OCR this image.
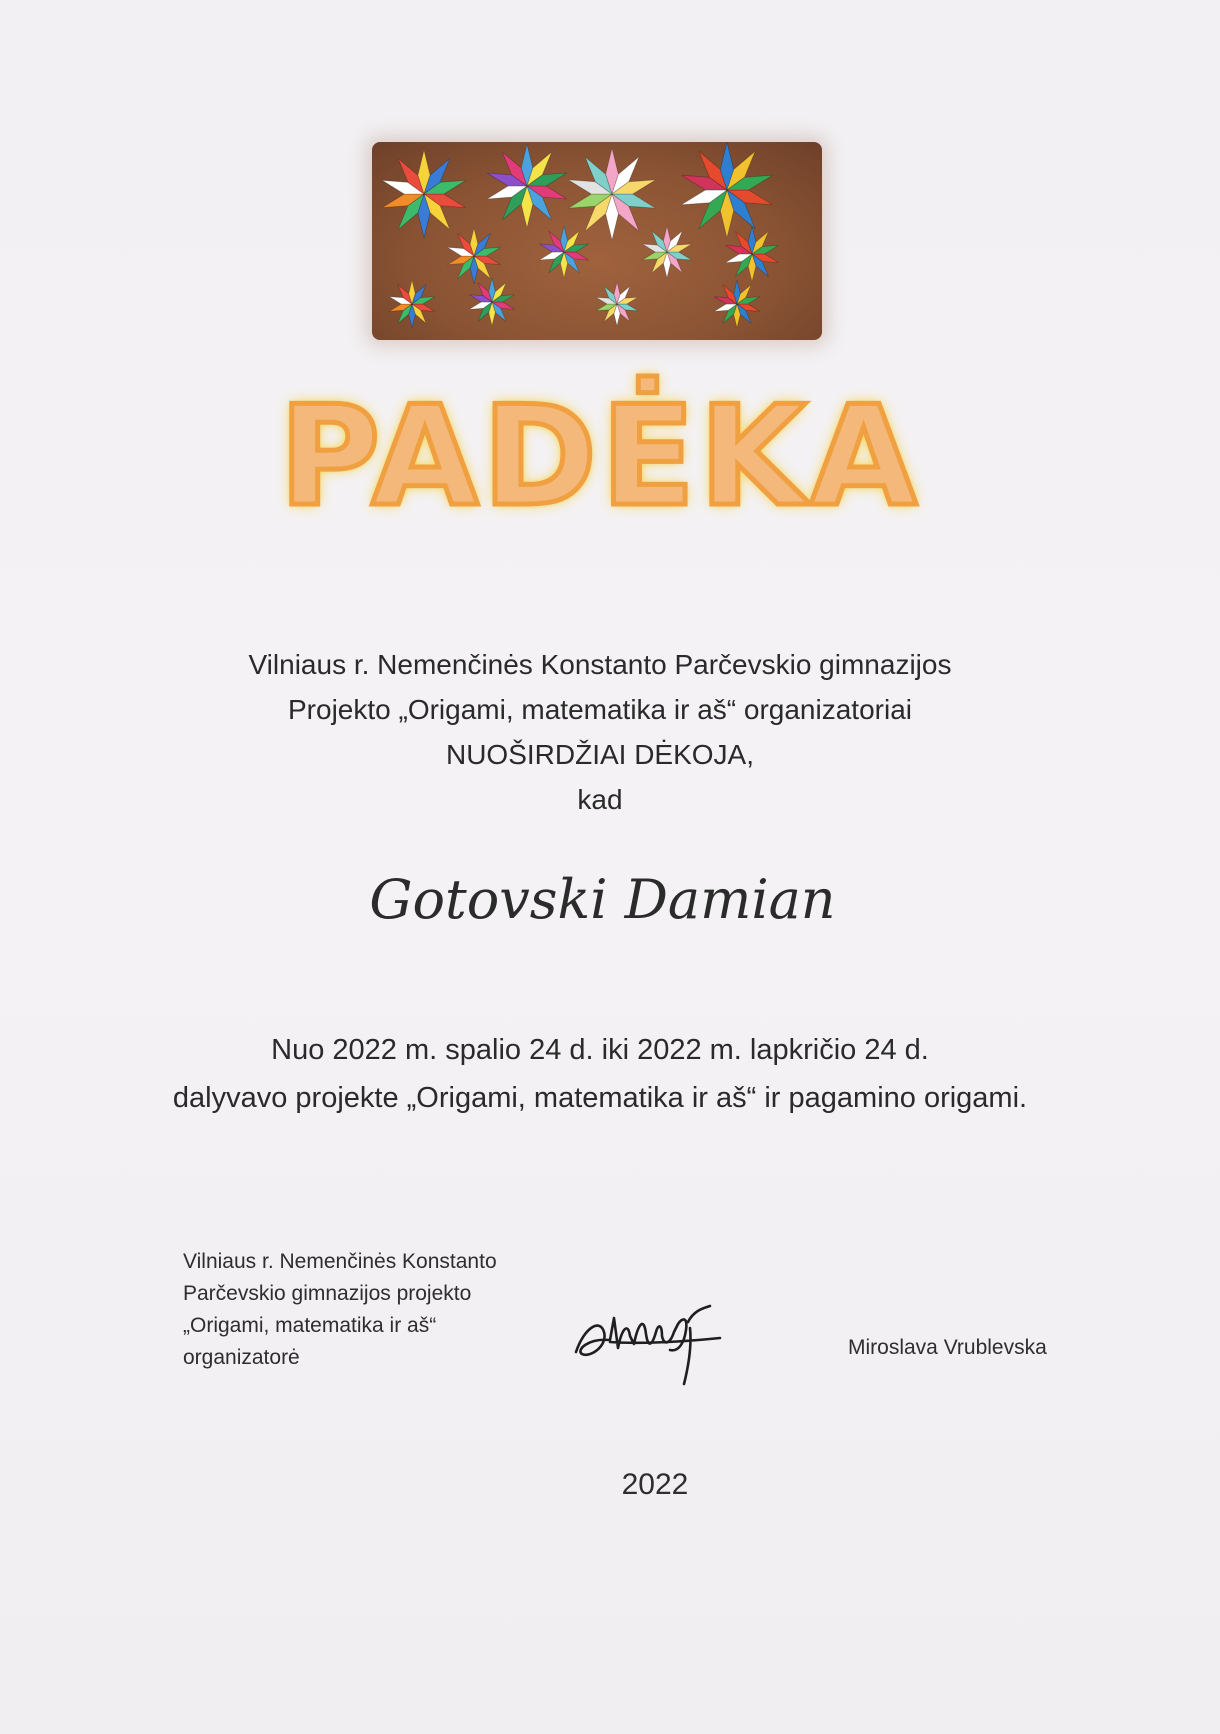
PADĖKA
Vilniaus r. Nemenčinės Konstanto Parčevskio gimnazijos
Projekto „Origami, matematika ir aš“ organizatoriai
NUOŠIRDŽIAI DĖKOJA,
kad
Gotovski Damian
Nuo 2022 m. spalio 24 d. iki 2022 m. lapkričio 24 d.
dalyvavo projekte „Origami, matematika ir aš“ ir pagamino origami.
Vilniaus r. Nemenčinės Konstanto
Parčevskio gimnazijos projekto
„Origami, matematika ir aš“
organizatorė	Miroslava Vrublevska
2022
